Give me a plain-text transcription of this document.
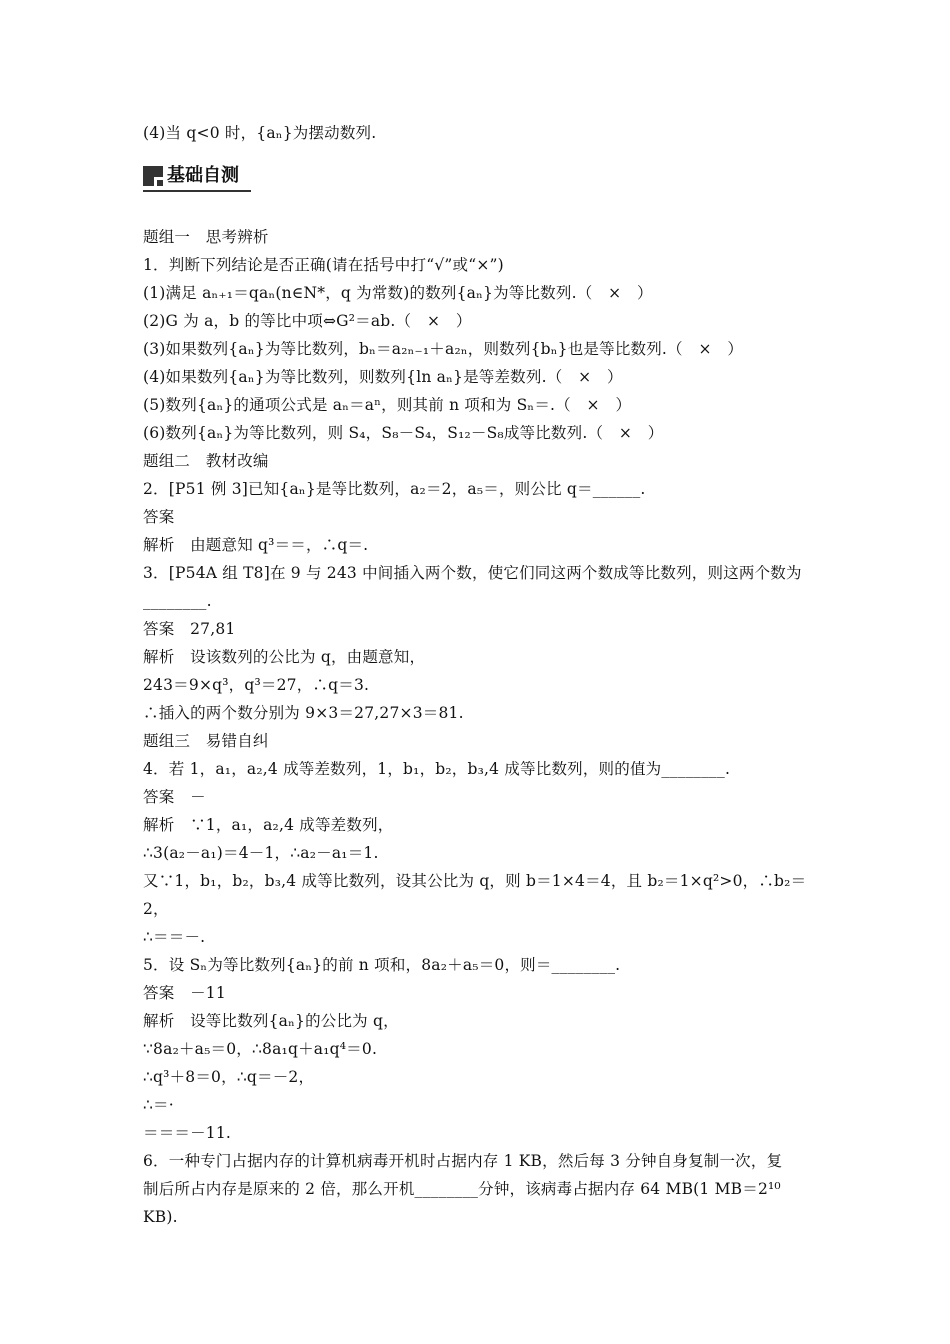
(4)当 q<0 时，{aₙ}为摆动数列.
基础自测
题组一　思考辨析
1．判断下列结论是否正确(请在括号中打“√”或“×”)
(1)满足 aₙ₊₁＝qaₙ(n∈N*，q 为常数)的数列{aₙ}为等比数列.（　×　）
(2)G 为 a，b 的等比中项⇔G²＝ab.（　×　）
(3)如果数列{aₙ}为等比数列，bₙ＝a₂ₙ₋₁＋a₂ₙ，则数列{bₙ}也是等比数列.（　×　）
(4)如果数列{aₙ}为等比数列，则数列{ln aₙ}是等差数列.（　×　）
(5)数列{aₙ}的通项公式是 aₙ＝aⁿ，则其前 n 项和为 Sₙ＝.（　×　）
(6)数列{aₙ}为等比数列，则 S₄，S₈－S₄，S₁₂－S₈成等比数列.（　×　）
题组二　教材改编
2．[P51 例 3]已知{aₙ}是等比数列，a₂＝2，a₅＝，则公比 q＝______.
答案
解析　由题意知 q³＝＝，∴q＝.
3．[P54A 组 T8]在 9 与 243 中间插入两个数，使它们同这两个数成等比数列，则这两个数为
________.
答案　27,81
解析　设该数列的公比为 q，由题意知，
243＝9×q³，q³＝27，∴q＝3.
∴插入的两个数分别为 9×3＝27,27×3＝81.
题组三　易错自纠
4．若 1，a₁，a₂,4 成等差数列，1，b₁，b₂，b₃,4 成等比数列，则的值为________.
答案　－
解析　∵1，a₁，a₂,4 成等差数列，
∴3(a₂－a₁)＝4－1，∴a₂－a₁＝1.
又∵1，b₁，b₂，b₃,4 成等比数列，设其公比为 q，则 b＝1×4＝4，且 b₂＝1×q²>0，∴b₂＝
2，
∴＝＝－.
5．设 Sₙ为等比数列{aₙ}的前 n 项和，8a₂＋a₅＝0，则＝________.
答案　－11
解析　设等比数列{aₙ}的公比为 q，
∵8a₂＋a₅＝0，∴8a₁q＋a₁q⁴＝0.
∴q³＋8＝0，∴q＝－2，
∴＝·
＝＝＝－11.
6．一种专门占据内存的计算机病毒开机时占据内存 1 KB，然后每 3 分钟自身复制一次，复
制后所占内存是原来的 2 倍，那么开机________分钟，该病毒占据内存 64 MB(1 MB＝2¹⁰
KB).
